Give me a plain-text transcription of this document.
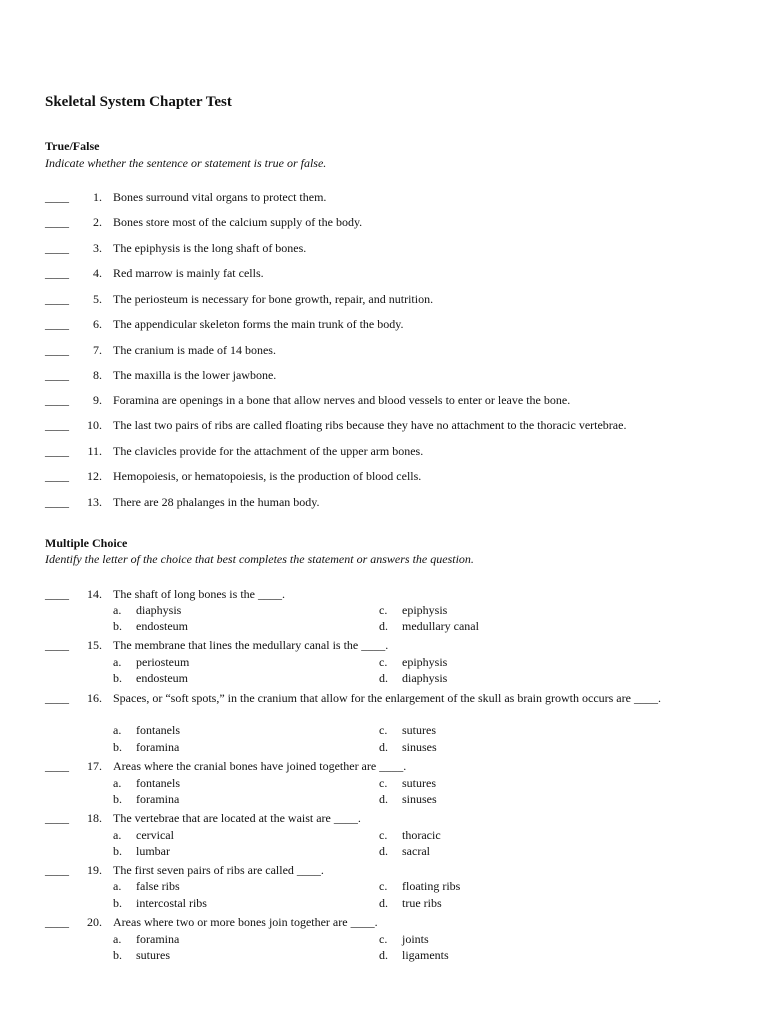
Skeletal System Chapter Test
True/False
Indicate whether the sentence or statement is true or false.
____	1. Bones surround vital organs to protect them.
____	2. Bones store most of the calcium supply of the body.
____	3. The epiphysis is the long shaft of bones.
____	4. Red marrow is mainly fat cells.
____	5. The periosteum is necessary for bone growth, repair, and nutrition.
____	6. The appendicular skeleton forms the main trunk of the body.
____	7. The cranium is made of 14 bones.
____	8. The maxilla is the lower jawbone.
____	9. Foramina are openings in a bone that allow nerves and blood vessels to enter or leave the bone.
____	10. The last two pairs of ribs are called floating ribs because they have no attachment to the thoracic vertebrae.
____	11. The clavicles provide for the attachment of the upper arm bones.
____	12. Hemopoiesis, or hematopoiesis, is the production of blood cells.
____	13. There are 28 phalanges in the human body.
Multiple Choice
Identify the letter of the choice that best completes the statement or answers the question.
____	14. The shaft of long bones is the ____.
a. diaphysis	c. epiphysis
b. endosteum	d. medullary canal
____	15. The membrane that lines the medullary canal is the ____.
a. periosteum	c. epiphysis
b. endosteum	d. diaphysis
____	16. Spaces, or “soft spots,” in the cranium that allow for the enlargement of the skull as brain growth occurs are ____.
a. fontanels	c. sutures
b. foramina	d. sinuses
____	17. Areas where the cranial bones have joined together are ____.
a. fontanels	c. sutures
b. foramina	d. sinuses
____	18. The vertebrae that are located at the waist are ____.
a. cervical	c. thoracic
b. lumbar	d. sacral
____	19. The first seven pairs of ribs are called ____.
a. false ribs	c. floating ribs
b. intercostal ribs	d. true ribs
____	20. Areas where two or more bones join together are ____.
a. foramina	c. joints
b. sutures	d. ligaments
